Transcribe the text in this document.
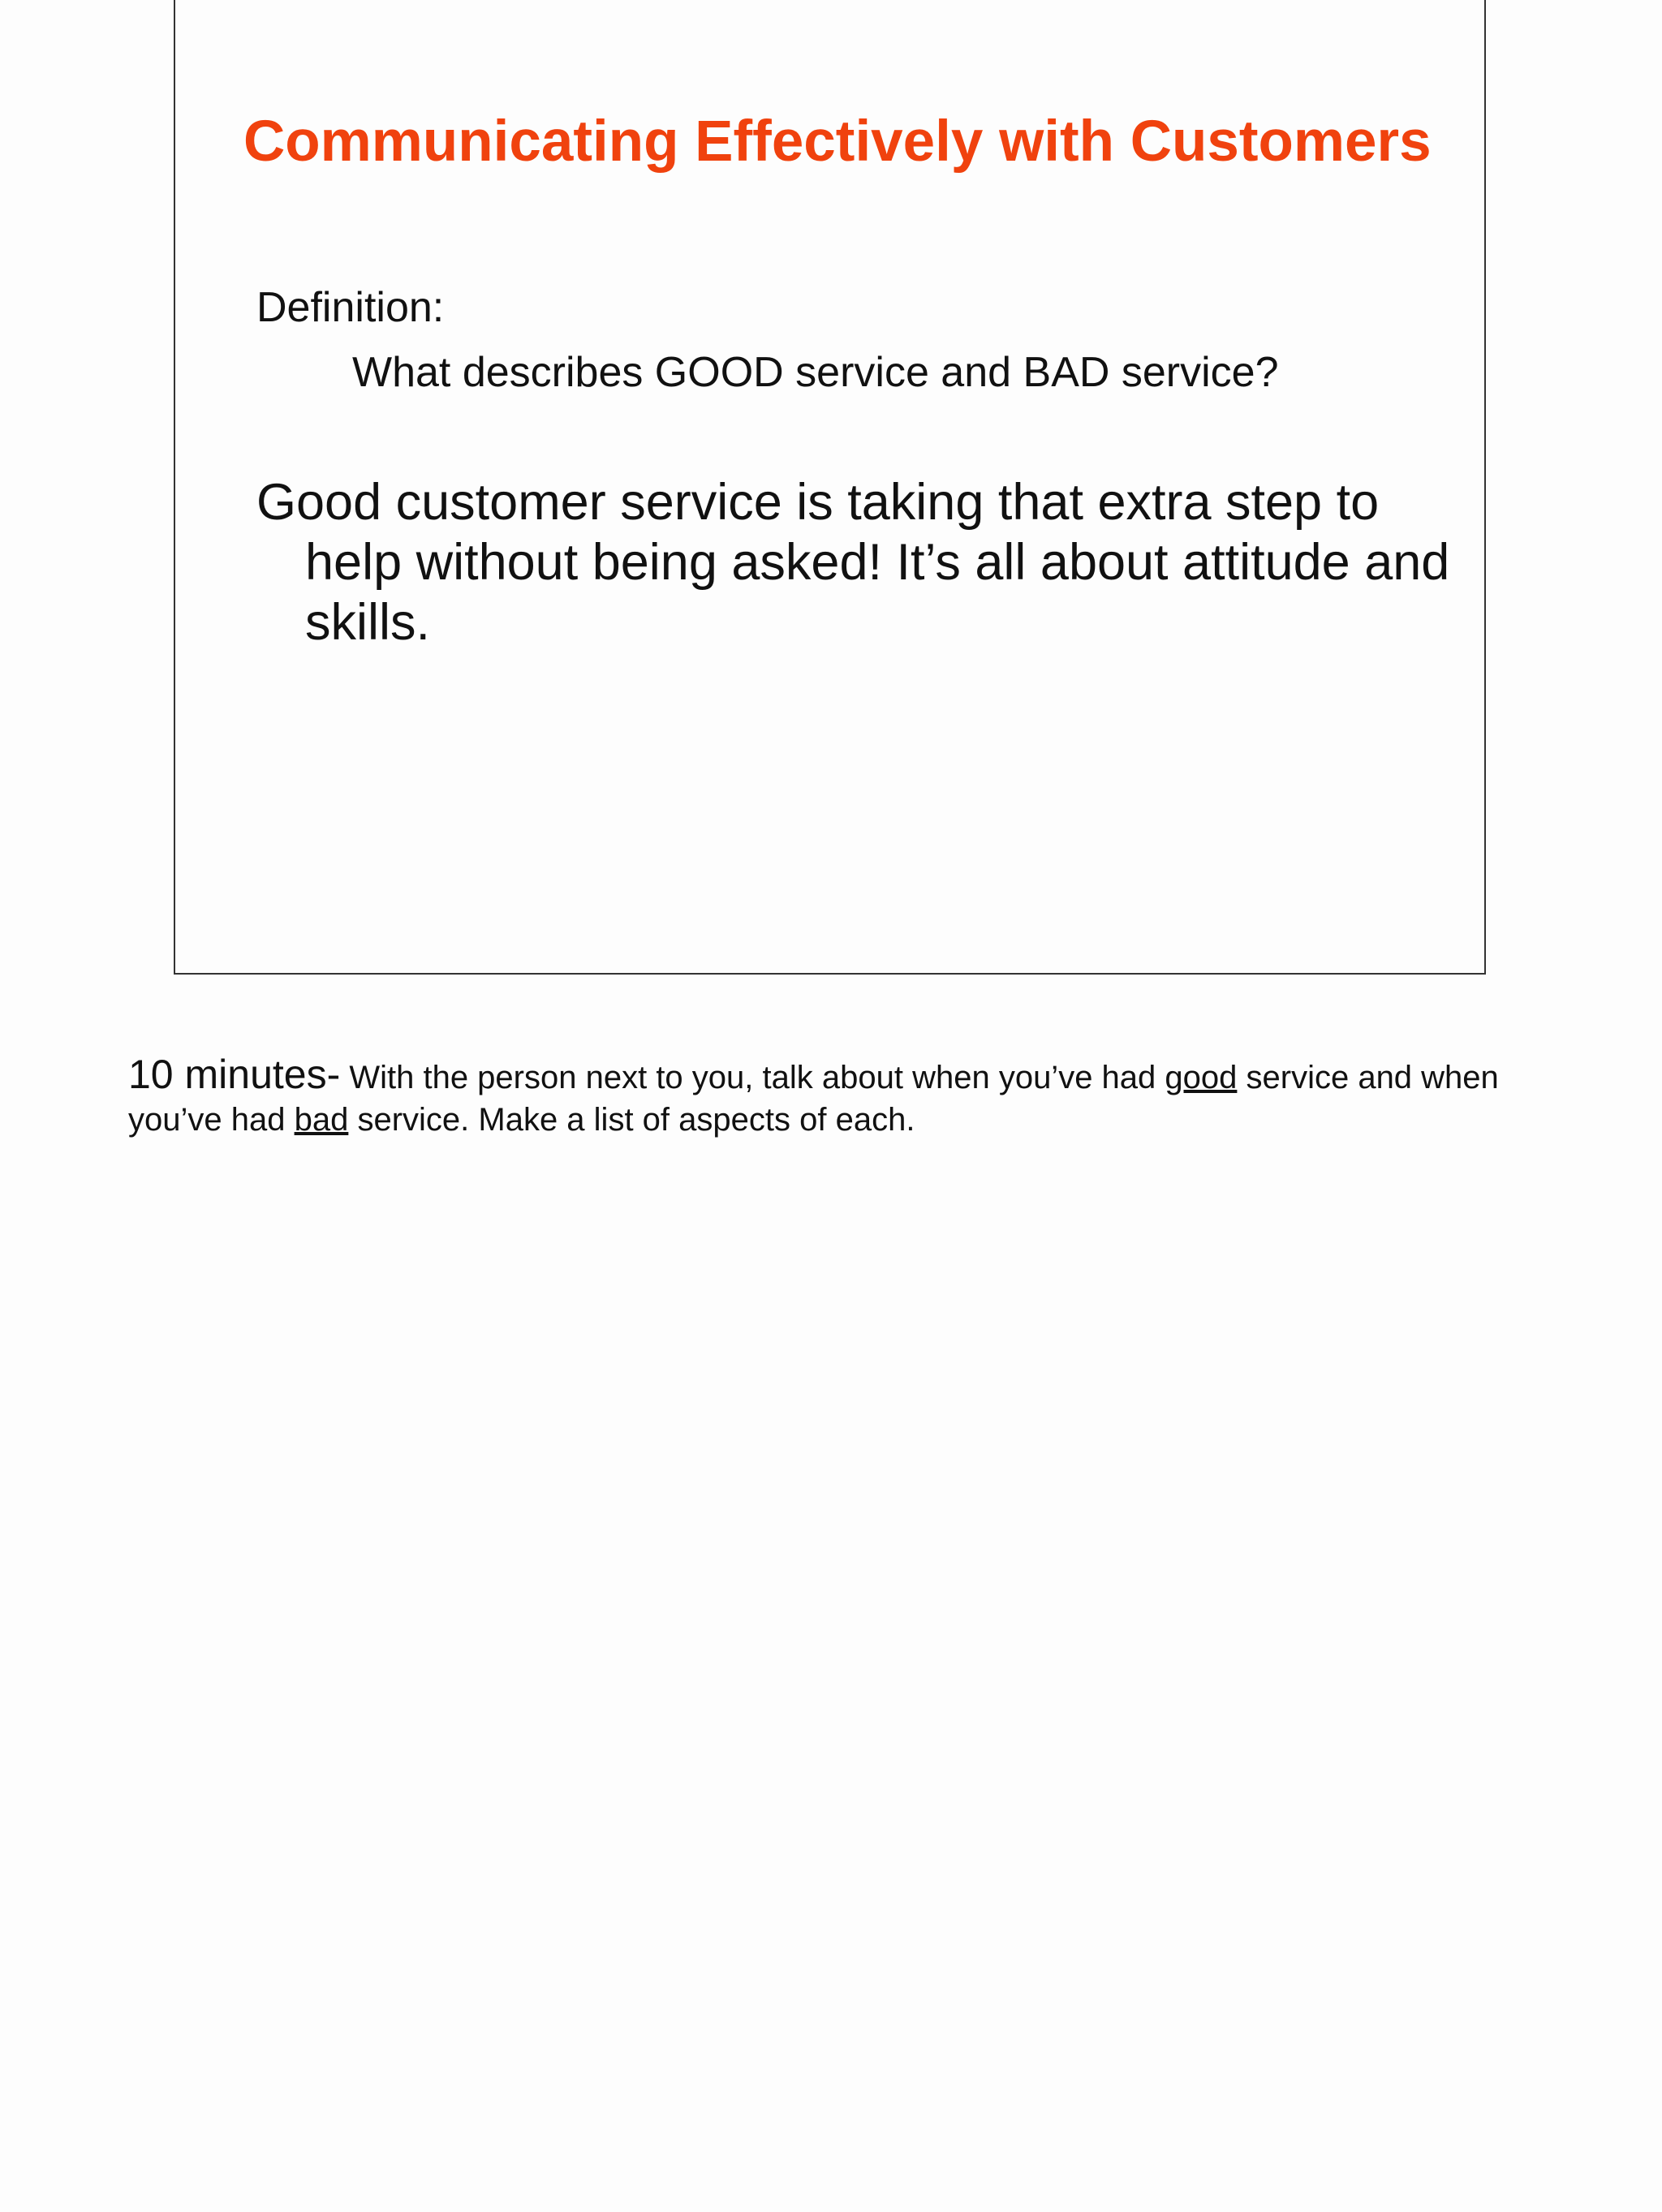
Communicating Effectively with Customers
Definition:
What describes GOOD service and BAD service?

Good customer service is taking that extra step to help without being asked! It’s all about attitude and skills.

10 minutes- With the person next to you, talk about when you’ve had good service and when you’ve had bad service. Make a list of aspects of each.
